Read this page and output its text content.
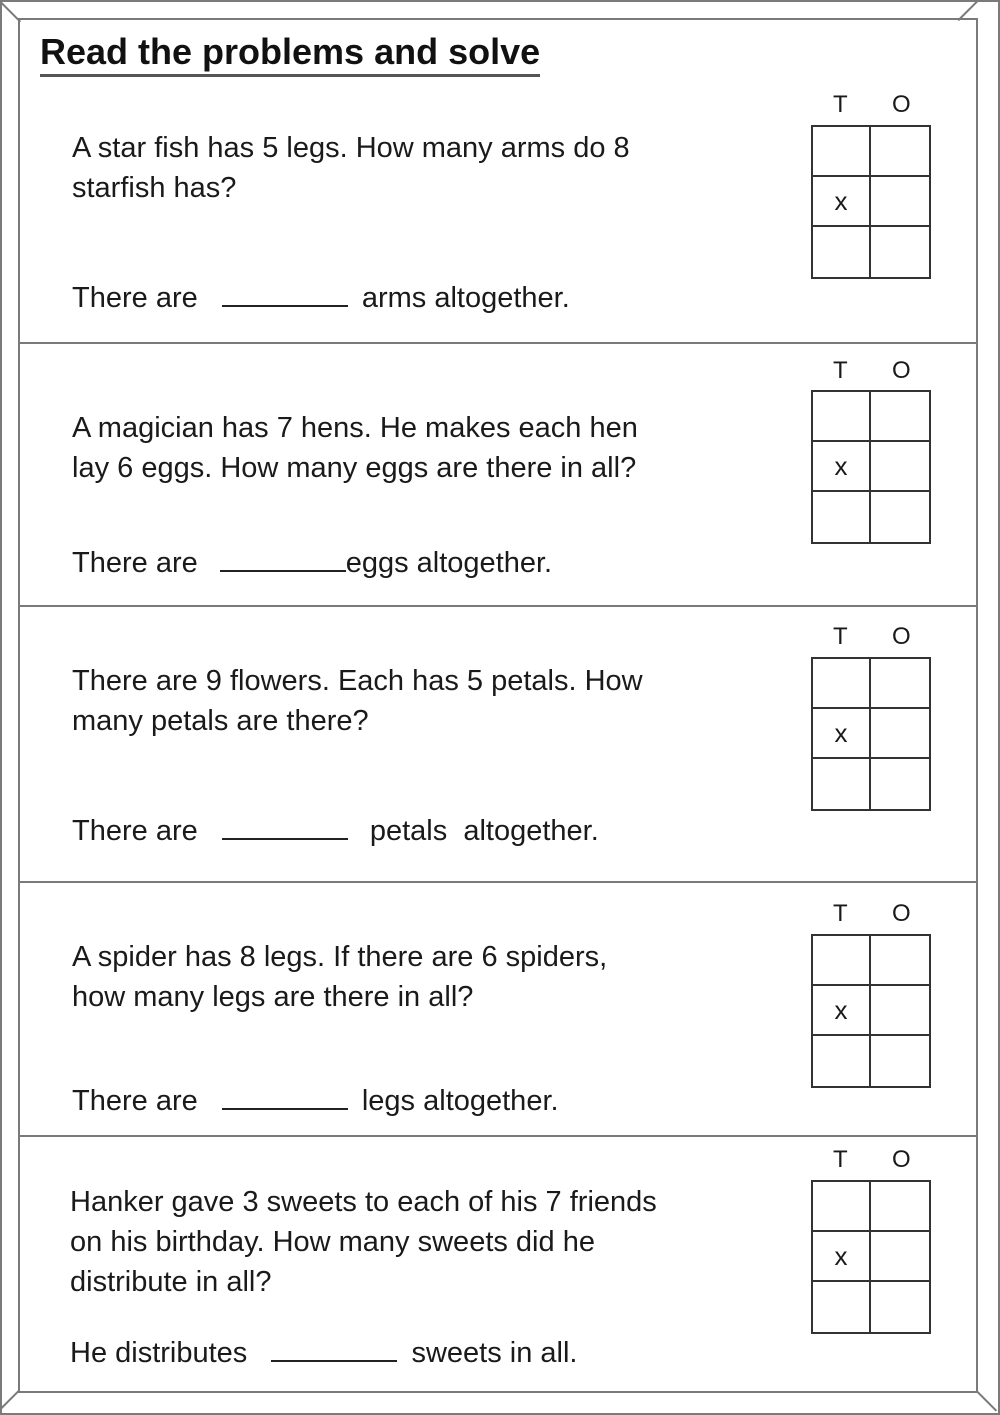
Read the problems and solve
A star fish has 5 legs. How many arms do 8
starfish has?
There are	arms altogether.
T O
x
A magician has 7 hens. He makes each hen
lay 6 eggs. How many eggs are there in all?
There are	eggs altogether.
T O
x
There are 9 flowers. Each has 5 petals. How
many petals are there?
There are	petals  altogether.
T O
x
A spider has 8 legs. If there are 6 spiders,
how many legs are there in all?
There are	legs altogether.
T O
x
Hanker gave 3 sweets to each of his 7 friends
on his birthday. How many sweets did he
distribute in all?
He distributes	sweets in all.
T O
x
